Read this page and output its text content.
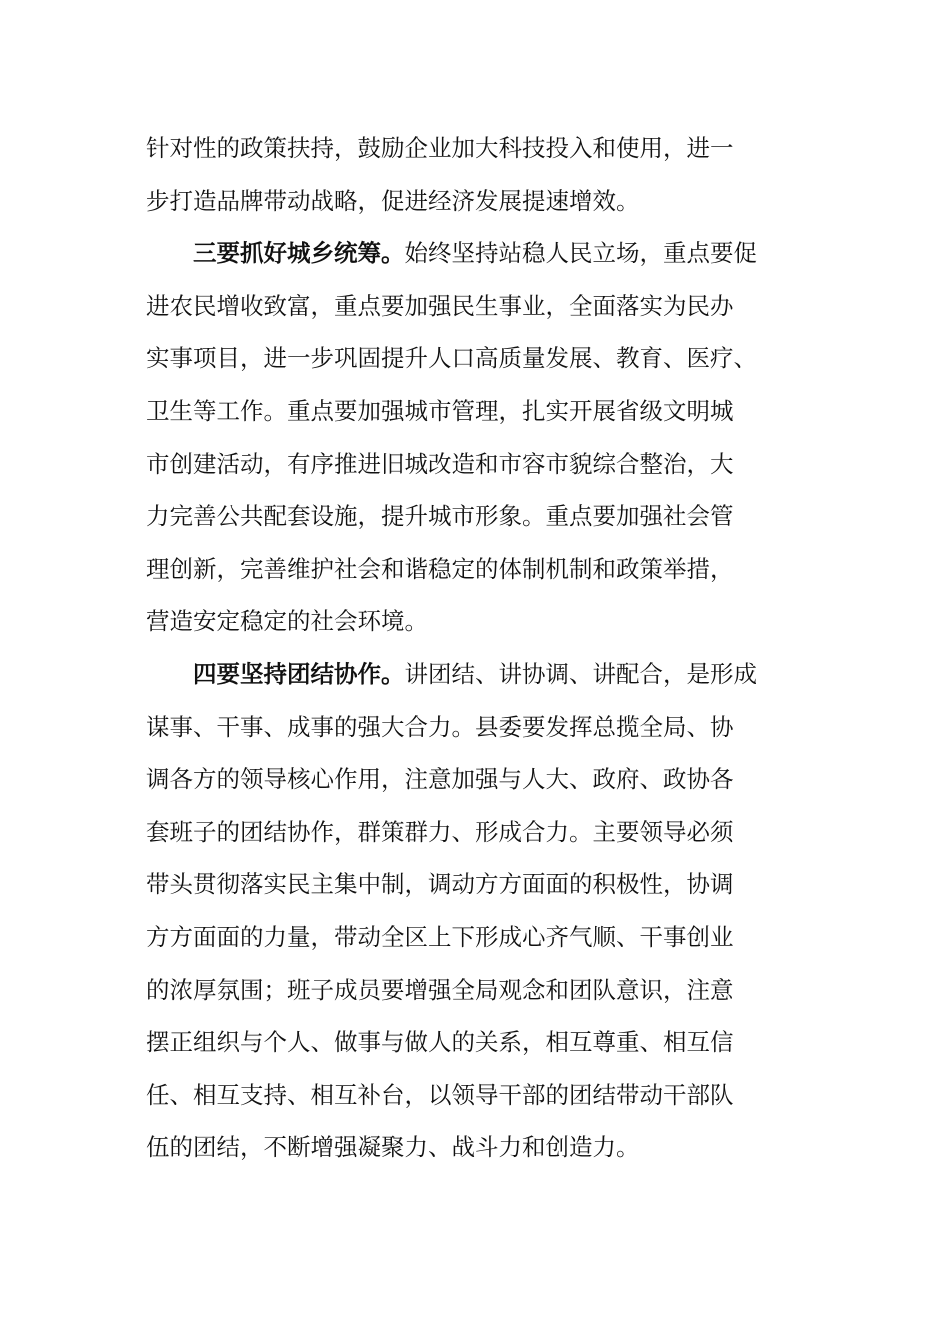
针对性的政策扶持，鼓励企业加大科技投入和使用，进一
步打造品牌带动战略，促进经济发展提速增效。
三要抓好城乡统筹。始终坚持站稳人民立场，重点要促
进农民增收致富，重点要加强民生事业，全面落实为民办
实事项目，进一步巩固提升人口高质量发展、教育、医疗、
卫生等工作。重点要加强城市管理，扎实开展省级文明城
市创建活动，有序推进旧城改造和市容市貌综合整治，大
力完善公共配套设施，提升城市形象。重点要加强社会管
理创新，完善维护社会和谐稳定的体制机制和政策举措，
营造安定稳定的社会环境。
四要坚持团结协作。讲团结、讲协调、讲配合，是形成
谋事、干事、成事的强大合力。县委要发挥总揽全局、协
调各方的领导核心作用，注意加强与人大、政府、政协各
套班子的团结协作，群策群力、形成合力。主要领导必须
带头贯彻落实民主集中制，调动方方面面的积极性，协调
方方面面的力量，带动全区上下形成心齐气顺、干事创业
的浓厚氛围；班子成员要增强全局观念和团队意识，注意
摆正组织与个人、做事与做人的关系，相互尊重、相互信
任、相互支持、相互补台，以领导干部的团结带动干部队
伍的团结，不断增强凝聚力、战斗力和创造力。
